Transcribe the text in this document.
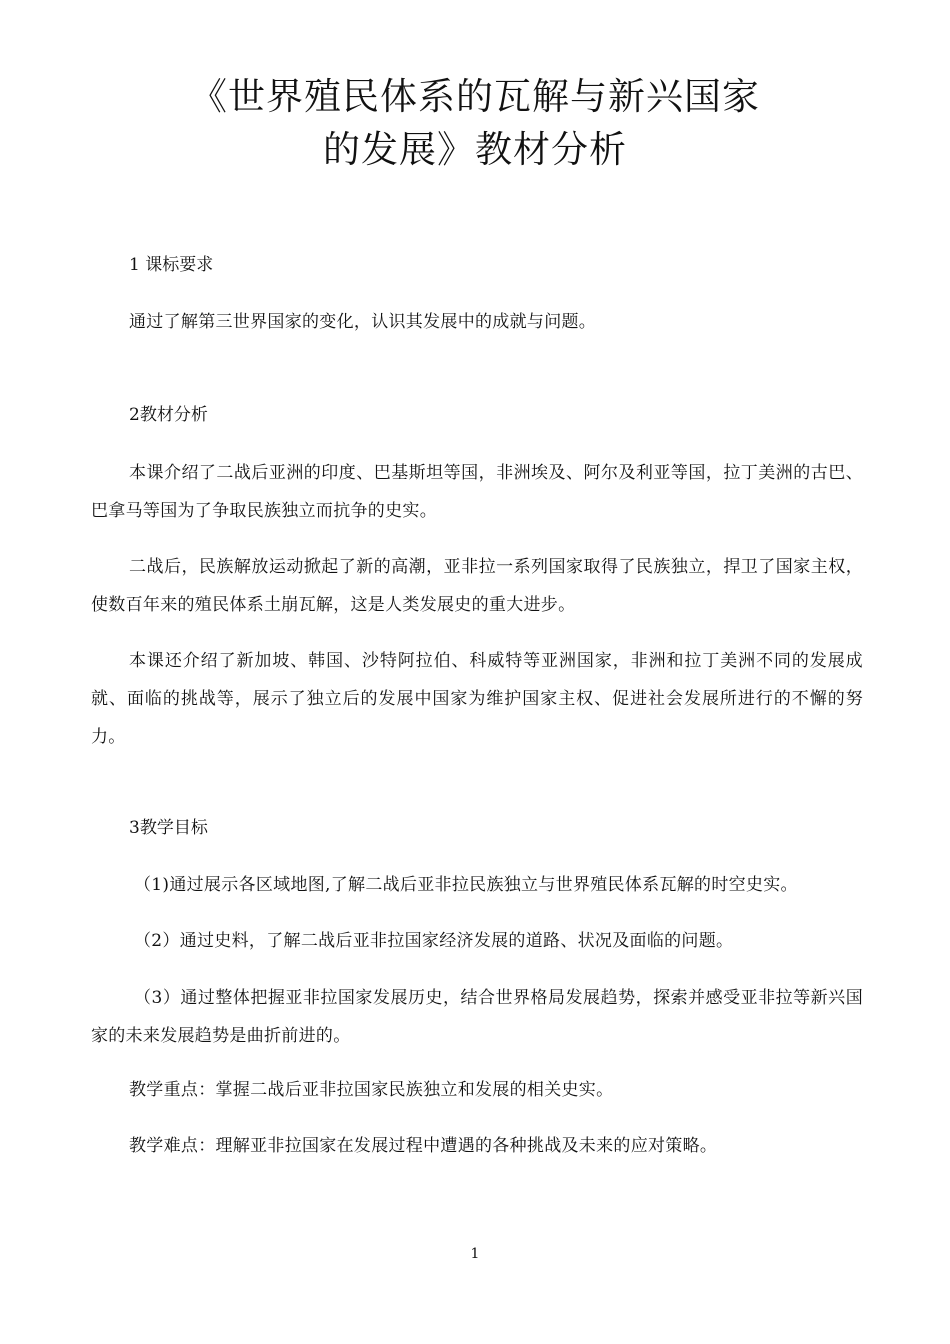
《世界殖民体系的瓦解与新兴国家
的发展》教材分析

1 课标要求

通过了解第三世界国家的变化，认识其发展中的成就与问题。

2教材分析

本课介绍了二战后亚洲的印度、巴基斯坦等国，非洲埃及、阿尔及利亚等国，拉丁美洲的古巴、巴拿马等国为了争取民族独立而抗争的史实。

二战后，民族解放运动掀起了新的高潮，亚非拉一系列国家取得了民族独立，捍卫了国家主权，使数百年来的殖民体系土崩瓦解，这是人类发展史的重大进步。

本课还介绍了新加坡、韩国、沙特阿拉伯、科威特等亚洲国家，非洲和拉丁美洲不同的发展成就、面临的挑战等，展示了独立后的发展中国家为维护国家主权、促进社会发展所进行的不懈的努力。

3教学目标

（1)通过展示各区域地图,了解二战后亚非拉民族独立与世界殖民体系瓦解的时空史实。

（2）通过史料，了解二战后亚非拉国家经济发展的道路、状况及面临的问题。

（3）通过整体把握亚非拉国家发展历史，结合世界格局发展趋势，探索并感受亚非拉等新兴国家的未来发展趋势是曲折前进的。

教学重点：掌握二战后亚非拉国家民族独立和发展的相关史实。

教学难点：理解亚非拉国家在发展过程中遭遇的各种挑战及未来的应对策略。

1
